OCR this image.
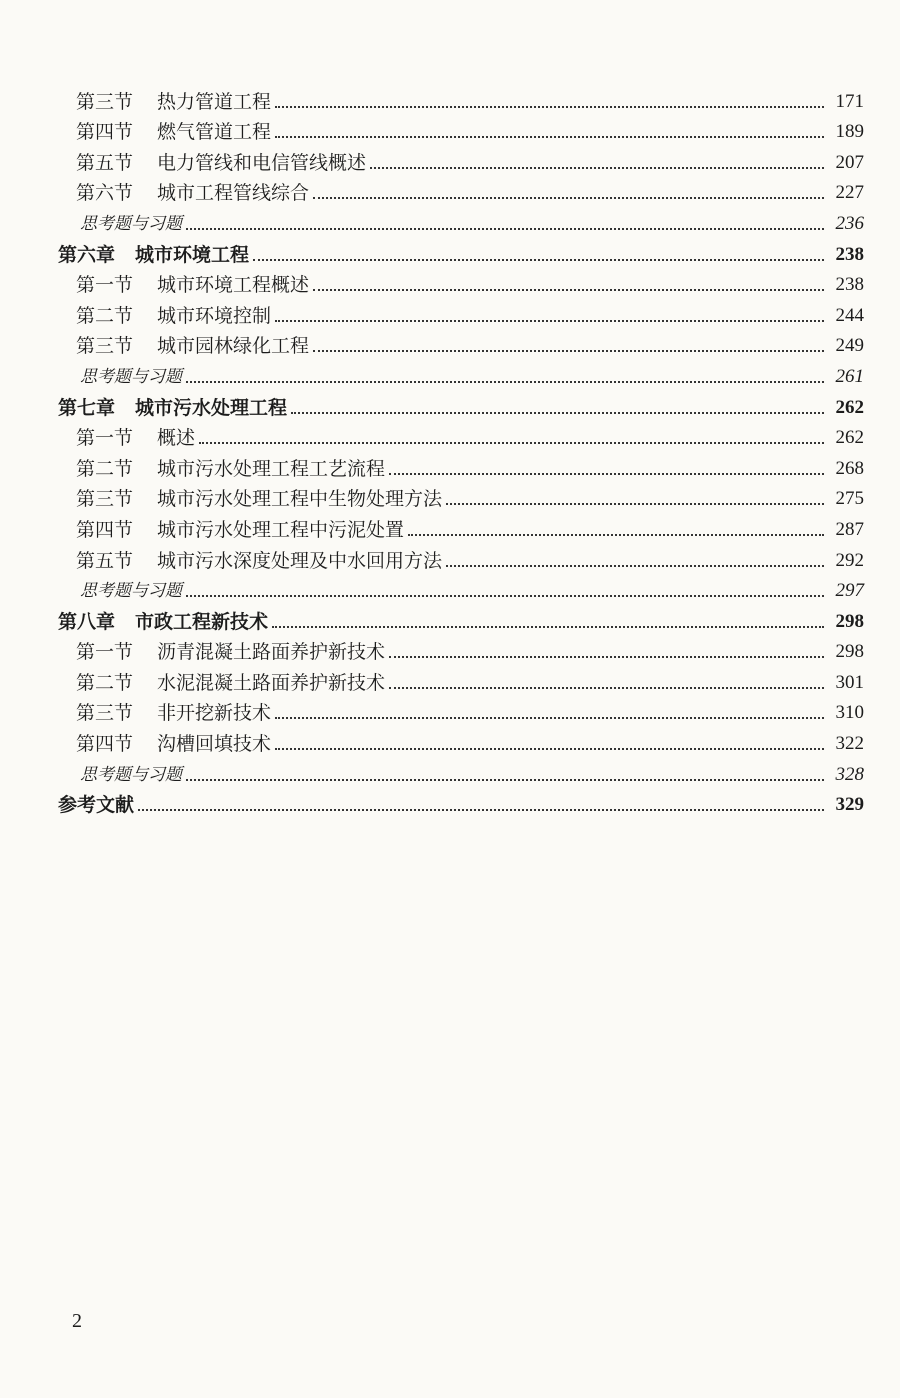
第三节 热力管道工程	171
第四节 燃气管道工程	189
第五节 电力管线和电信管线概述	207
第六节 城市工程管线综合	227
思考题与习题	236
第六章 城市环境工程	238
第一节 城市环境工程概述	238
第二节 城市环境控制	244
第三节 城市园林绿化工程	249
思考题与习题	261
第七章 城市污水处理工程	262
第一节 概述	262
第二节 城市污水处理工程工艺流程	268
第三节 城市污水处理工程中生物处理方法	275
第四节 城市污水处理工程中污泥处置	287
第五节 城市污水深度处理及中水回用方法	292
思考题与习题	297
第八章 市政工程新技术	298
第一节 沥青混凝土路面养护新技术	298
第二节 水泥混凝土路面养护新技术	301
第三节 非开挖新技术	310
第四节 沟槽回填技术	322
思考题与习题	328
参考文献	329
2
